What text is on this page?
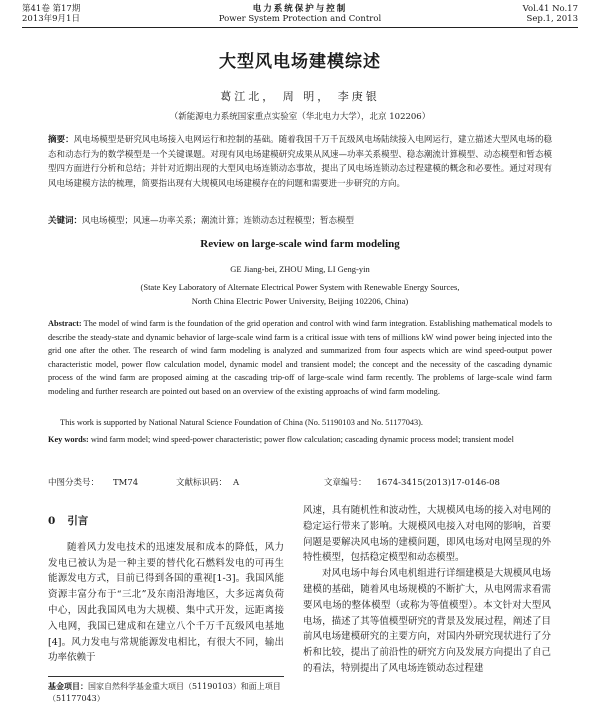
第41卷 第17期
2013年9月1日
电力系统保护与控制
Power System Protection and Control
Vol.41 No.17
Sep.1, 2013
大型风电场建模综述
葛江北， 周 明， 李庚银
（新能源电力系统国家重点实验室（华北电力大学），北京 102206）
摘要：风电场模型是研究风电场接入电网运行和控制的基础。随着我国千万千瓦级风电场陆续接入电网运行，建立描述大型风电场的稳态和动态行为的数学模型是一个关键课题。对现有风电场建模研究成果从风速—功率关系模型、稳态潮流计算模型、动态模型和暂态模型四方面进行分析和总结；并针对近期出现的大型风电场连锁动态事故，提出了风电场连锁动态过程建模的概念和必要性。通过对现有风电场建模方法的梳理，简要指出现有大规模风电场建模存在的问题和需要进一步研究的方向。
关键词：风电场模型；风速—功率关系；潮流计算；连锁动态过程模型；暂态模型
Review on large-scale wind farm modeling
GE Jiang-bei, ZHOU Ming, LI Geng-yin
(State Key Laboratory of Alternate Electrical Power System with Renewable Energy Sources,
North China Electric Power University, Beijing 102206, China)
Abstract: The model of wind farm is the foundation of the grid operation and control with wind farm integration. Establishing mathematical models to describe the steady-state and dynamic behavior of large-scale wind farm is a critical issue with tens of millions kW wind power being injected into the grid one after the other. The research of wind farm modeling is analyzed and summarized from four aspects which are wind speed-output power characteristic model, power flow calculation model, dynamic model and transient model; the concept and the necessity of the cascading dynamic process of the wind farm are proposed aiming at the cascading trip-off of large-scale wind farm recently. The problems of large-scale wind farm modeling and further research are pointed out based on an overview of the existing approachs of wind farm modeling.
This work is supported by National Natural Science Foundation of China (No. 51190103 and No. 51177043).
Key words: wind farm model; wind speed-power characteristic; power flow calculation; cascading dynamic process model; transient model
中图分类号： TM74	文献标识码： A	文章编号： 1674-3415(2013)17-0146-08
0 引言

随着风力发电技术的迅速发展和成本的降低，风力发电已被认为是一种主要的替代化石燃料发电的可再生能源发电方式，目前已得到各国的重视[1-3]。我国风能资源丰富分布于“三北”及东南沿海地区，大多远离负荷中心，因此我国风电为大规模、集中式开发，远距离接入电网，我国已建成和在建立八个千万千瓦级风电基地[4]。风力发电与常规能源发电相比，有很大不同，输出功率依赖于

风速，具有随机性和波动性，大规模风电场的接入对电网的稳定运行带来了影响。大规模风电接入对电网的影响，首要问题是要解决风电场的建模问题，即风电场对电网呈现的外特性模型，包括稳定模型和动态模型。

对风电场中每台风电机组进行详细建模是大规模风电场建模的基础，随着风电场规模的不断扩大，从电网需求看需要风电场的整体模型（或称为等值模型）。本文针对大型风电场，描述了其等值模型研究的背景及发展过程，阐述了目前风电场建模研究的主要方向，对国内外研究现状进行了分析和比较，提出了前沿性的研究方向及发展方向提出了自己的看法，特别提出了风电场连锁动态过程建

基金项目：国家自然科学基金重大项目（51190103）和面上项目（51177043）
